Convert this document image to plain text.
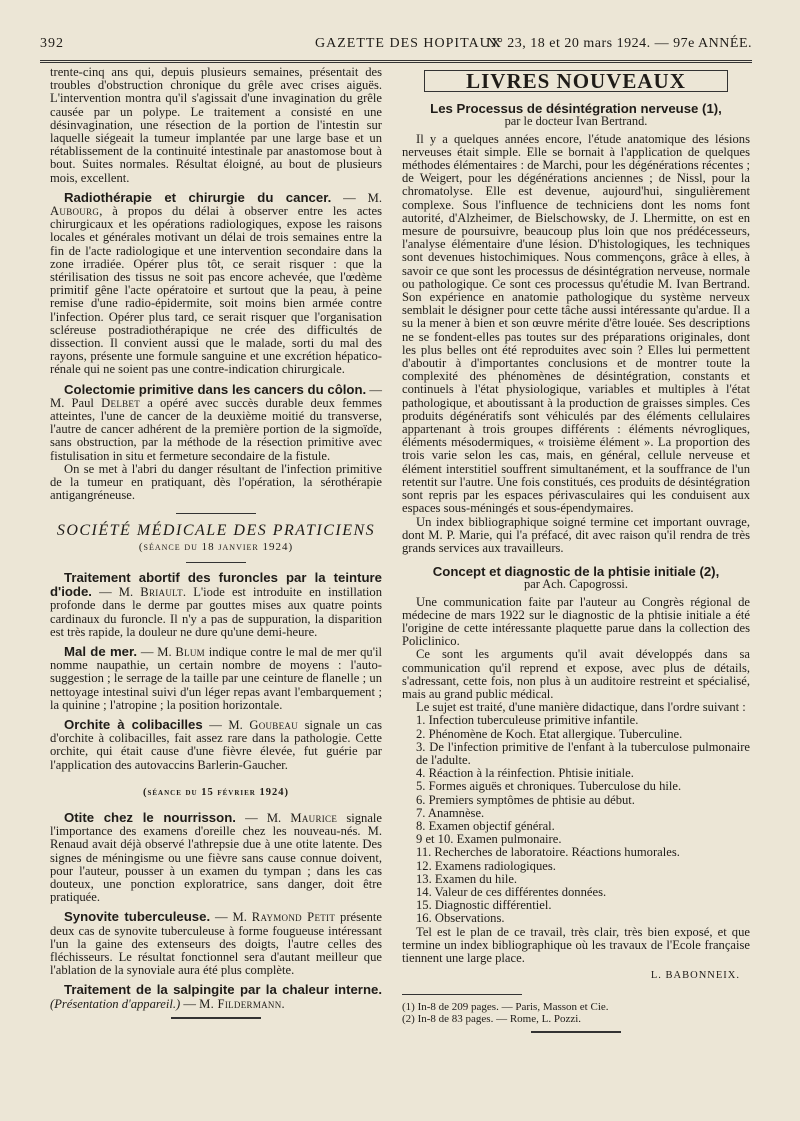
392	GAZETTE DES HOPITAUX
N° 23, 18 et 20 mars 1924. — 97e ANNÉE.

trente-cinq ans qui, depuis plusieurs semaines, présentait des troubles d'obstruction chronique du grêle avec crises aiguës. L'intervention montra qu'il s'agissait d'une invagination du grêle causée par un polype. Le traitement a consisté en une désinvagination, une résection de la portion de l'intestin sur laquelle siégeait la tumeur implantée par une large base et un rétablissement de la continuité intestinale par anastomose bout à bout. Suites normales. Résultat éloigné, au bout de plusieurs mois, excellent.

Radiothérapie et chirurgie du cancer. — M. Aubourg, à propos du délai à observer entre les actes chirurgicaux et les opérations radiologiques, expose les raisons locales et générales motivant un délai de trois semaines entre la fin de l'acte radiologique et une intervention secondaire dans la zone irradiée. Opérer plus tôt, ce serait risquer : que la stérilisation des tissus ne soit pas encore achevée, que l'œdème primitif gêne l'acte opératoire et surtout que la peau, à peine remise d'une radio-épidermite, soit moins bien armée contre l'infection. Opérer plus tard, ce serait risquer que l'organisation scléreuse postradiothérapique ne crée des difficultés de dissection. Il convient aussi que le malade, sorti du mal des rayons, présente une formule sanguine et une excrétion hépatico-rénale qui ne soient pas une contre-indication chirurgicale.

Colectomie primitive dans les cancers du côlon. — M. Paul Delbet a opéré avec succès durable deux femmes atteintes, l'une de cancer de la deuxième moitié du transverse, l'autre de cancer adhérent de la première portion de la sigmoïde, sans obstruction, par la méthode de la résection primitive avec fistulisation in situ et fermeture secondaire de la fistule.

On se met à l'abri du danger résultant de l'infection primitive de la tumeur en pratiquant, dès l'opération, la sérothérapie antigangréneuse.

SOCIÉTÉ MÉDICALE DES PRATICIENS
(séance du 18 janvier 1924)

Traitement abortif des furoncles par la teinture d'iode. — M. Briault. L'iode est introduite en instillation profonde dans le derme par gouttes mises aux quatre points cardinaux du furoncle. Il n'y a pas de suppuration, la disparition est très rapide, la douleur ne dure qu'une demi-heure.

Mal de mer. — M. Blum indique contre le mal de mer qu'il nomme naupathie, un certain nombre de moyens : l'auto-suggestion ; le serrage de la taille par une ceinture de flanelle ; un nettoyage intestinal suivi d'un léger repas avant l'embarquement ; la quinine ; l'atropine ; la position horizontale.

Orchite à colibacilles — M. Goubeau signale un cas d'orchite à colibacilles, fait assez rare dans la pathologie. Cette orchite, qui était cause d'une fièvre élevée, fut guérie par l'application des autovaccins Barlerin-Gaucher.

(séance du 15 février 1924)

Otite chez le nourrisson. — M. Maurice signale l'importance des examens d'oreille chez les nouveau-nés. M. Renaud avait déjà observé l'athrepsie due à une otite latente. Des signes de méningisme ou une fièvre sans cause connue doivent, pour l'auteur, pousser à un examen du tympan ; dans les cas douteux, une ponction exploratrice, sans danger, doit être pratiquée.

Synovite tuberculeuse. — M. Raymond Petit présente deux cas de synovite tuberculeuse à forme fougueuse intéressant l'un la gaine des extenseurs des doigts, l'autre celles des fléchisseurs. Le résultat fonctionnel sera d'autant meilleur que l'ablation de la synoviale aura été plus complète.

Traitement de la salpingite par la chaleur interne. (Présentation d'appareil.) — M. Fildermann.

LIVRES NOUVEAUX
Les Processus de désintégration nerveuse (1),
par le docteur Ivan Bertrand.

Il y a quelques années encore, l'étude anatomique des lésions nerveuses était simple. Elle se bornait à l'application de quelques méthodes élémentaires : de Marchi, pour les dégénérations récentes ; de Weigert, pour les dégénérations anciennes ; de Nissl, pour la chromatolyse. Elle est devenue, aujourd'hui, singulièrement complexe. Sous l'influence de techniciens dont les noms font autorité, d'Alzheimer, de Bielschowsky, de J. Lhermitte, on est en mesure de poursuivre, beaucoup plus loin que nos prédécesseurs, l'analyse élémentaire d'une lésion. D'histologiques, les techniques sont devenues histochimiques. Nous commençons, grâce à elles, à savoir ce que sont les processus de désintégration nerveuse, normale ou pathologique. Ce sont ces processus qu'étudie M. Ivan Bertrand. Son expérience en anatomie pathologique du système nerveux semblait le désigner pour cette tâche aussi intéressante qu'ardue. Il a su la mener à bien et son œuvre mérite d'être louée. Ses descriptions ne se fondent-elles pas toutes sur des préparations originales, dont les plus belles ont été reproduites avec soin ? Elles lui permettent d'aboutir à d'importantes conclusions et de montrer toute la complexité des phénomènes de désintégration, constants et continuels à l'état physiologique, variables et multiples à l'état pathologique, et aboutissant à la production de graisses simples. Ces produits dégénératifs sont véhiculés par des éléments cellulaires appartenant à trois groupes différents : éléments névrogliques, éléments mésodermiques, « troisième élément ». La proportion des trois varie selon les cas, mais, en général, cellule nerveuse et élément interstitiel souffrent simultanément, et la souffrance de l'un retentit sur l'autre. Une fois constitués, ces produits de désintégration sont repris par les espaces périvasculaires qui les conduisent aux espaces sous-méningés et sous-épendymaires.

Un index bibliographique soigné termine cet important ouvrage, dont M. P. Marie, qui l'a préfacé, dit avec raison qu'il rendra de très grands services aux travailleurs.

Concept et diagnostic de la phtisie initiale (2),
par Ach. Capogrossi.

Une communication faite par l'auteur au Congrès régional de médecine de mars 1922 sur le diagnostic de la phtisie initiale a été l'origine de cette intéressante plaquette parue dans la collection des Policlinico.

Ce sont les arguments qu'il avait développés dans sa communication qu'il reprend et expose, avec plus de détails, s'adressant, cette fois, non plus à un auditoire restreint et spécialisé, mais au grand public médical.

Le sujet est traité, d'une manière didactique, dans l'ordre suivant :

1. Infection tuberculeuse primitive infantile.
2. Phénomène de Koch. Etat allergique. Tuberculine.
3. De l'infection primitive de l'enfant à la tuberculose pulmonaire de l'adulte.
4. Réaction à la réinfection. Phtisie initiale.
5. Formes aiguës et chroniques. Tuberculose du hile.
6. Premiers symptômes de phtisie au début.
7. Anamnèse.
8. Examen objectif général.
9 et 10. Examen pulmonaire.
11. Recherches de laboratoire. Réactions humorales.
12. Examens radiologiques.
13. Examen du hile.
14. Valeur de ces différentes données.
15. Diagnostic différentiel.
16. Observations.

Tel est le plan de ce travail, très clair, très bien exposé, et que termine un index bibliographique où les travaux de l'Ecole française tiennent une large place.

L. BABONNEIX.
(1) In-8 de 209 pages. — Paris, Masson et Cie.
(2) In-8 de 83 pages. — Rome, L. Pozzi.
